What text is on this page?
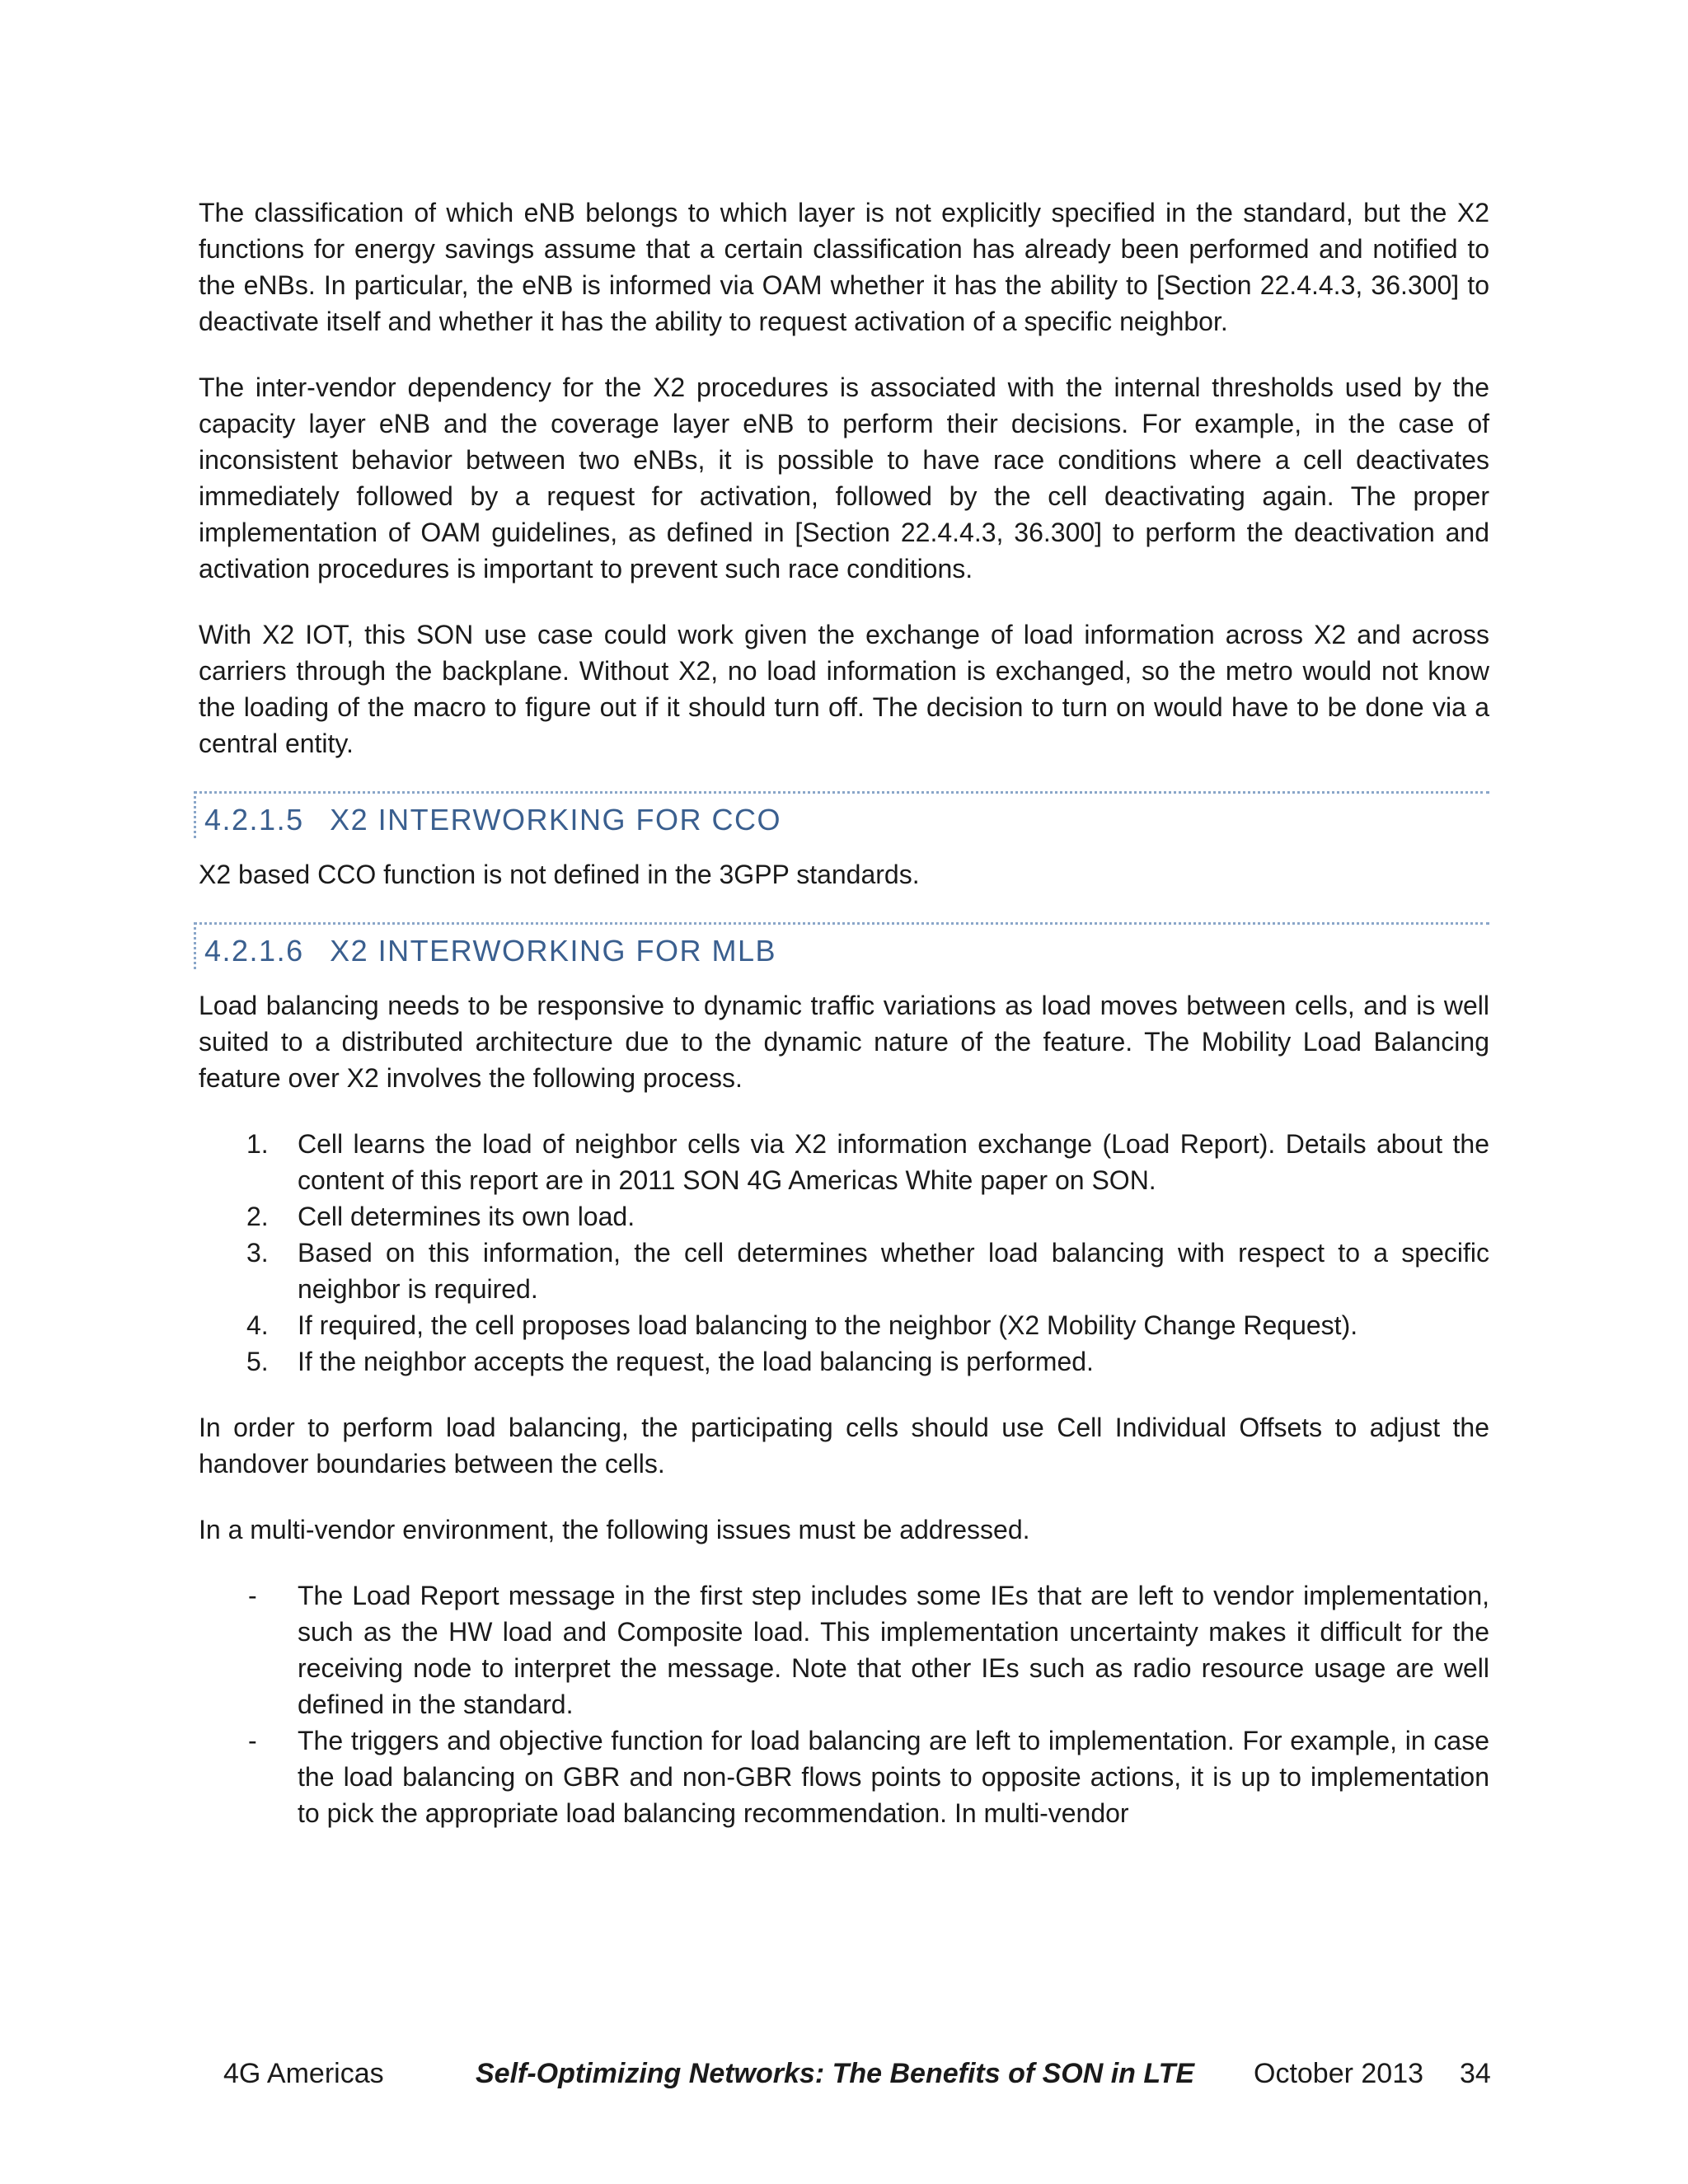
The classification of which eNB belongs to which layer is not explicitly specified in the standard, but the X2 functions for energy savings assume that a certain classification has already been performed and notified to the eNBs. In particular, the eNB is informed via OAM whether it has the ability to [Section 22.4.4.3, 36.300] to deactivate itself and whether it has the ability to request activation of a specific neighbor.

The inter-vendor dependency for the X2 procedures is associated with the internal thresholds used by the capacity layer eNB and the coverage layer eNB to perform their decisions. For example, in the case of inconsistent behavior between two eNBs, it is possible to have race conditions where a cell deactivates immediately followed by a request for activation, followed by the cell deactivating again. The proper implementation of OAM guidelines, as defined in [Section 22.4.4.3, 36.300] to perform the deactivation and activation procedures is important to prevent such race conditions.

With X2 IOT, this SON use case could work given the exchange of load information across X2 and across carriers through the backplane. Without X2, no load information is exchanged, so the metro would not know the loading of the macro to figure out if it should turn off. The decision to turn on would have to be done via a central entity.

4.2.1.5 X2 INTERWORKING FOR CCO

X2 based CCO function is not defined in the 3GPP standards.

4.2.1.6 X2 INTERWORKING FOR MLB

Load balancing needs to be responsive to dynamic traffic variations as load moves between cells, and is well suited to a distributed architecture due to the dynamic nature of the feature. The Mobility Load Balancing feature over X2 involves the following process.

1. Cell learns the load of neighbor cells via X2 information exchange (Load Report). Details about the content of this report are in 2011 SON 4G Americas White paper on SON.
2. Cell determines its own load.
3. Based on this information, the cell determines whether load balancing with respect to a specific neighbor is required.
4. If required, the cell proposes load balancing to the neighbor (X2 Mobility Change Request).
5. If the neighbor accepts the request, the load balancing is performed.

In order to perform load balancing, the participating cells should use Cell Individual Offsets to adjust the handover boundaries between the cells.

In a multi-vendor environment, the following issues must be addressed.

- The Load Report message in the first step includes some IEs that are left to vendor implementation, such as the HW load and Composite load. This implementation uncertainty makes it difficult for the receiving node to interpret the message. Note that other IEs such as radio resource usage are well defined in the standard.
- The triggers and objective function for load balancing are left to implementation. For example, in case the load balancing on GBR and non-GBR flows points to opposite actions, it is up to implementation to pick the appropriate load balancing recommendation. In multi-vendor
4G Americas	Self-Optimizing Networks: The Benefits of SON in LTE October 2013 34
